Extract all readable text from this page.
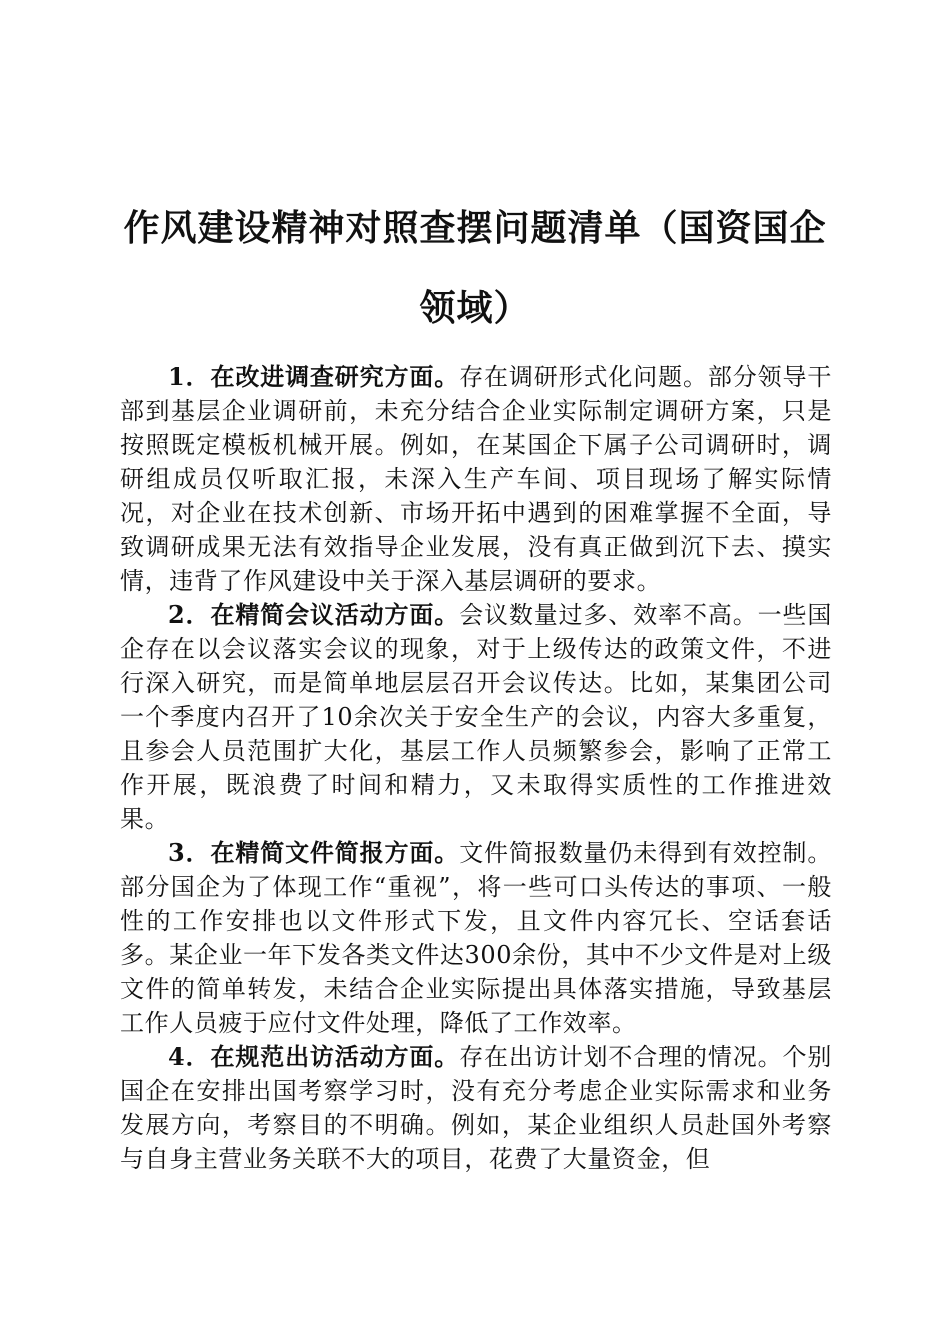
作风建设精神对照查摆问题清单（国资国企领域）

1．在改进调查研究方面。存在调研形式化问题。部分领导干部到基层企业调研前，未充分结合企业实际制定调研方案，只是按照既定模板机械开展。例如，在某国企下属子公司调研时，调研组成员仅听取汇报，未深入生产车间、项目现场了解实际情况，对企业在技术创新、市场开拓中遇到的困难掌握不全面，导致调研成果无法有效指导企业发展，没有真正做到沉下去、摸实情，违背了作风建设中关于深入基层调研的要求。

2．在精简会议活动方面。会议数量过多、效率不高。一些国企存在以会议落实会议的现象，对于上级传达的政策文件，不进行深入研究，而是简单地层层召开会议传达。比如，某集团公司一个季度内召开了10余次关于安全生产的会议，内容大多重复，且参会人员范围扩大化，基层工作人员频繁参会，影响了正常工作开展，既浪费了时间和精力，又未取得实质性的工作推进效果。

3．在精简文件简报方面。文件简报数量仍未得到有效控制。部分国企为了体现工作“重视”，将一些可口头传达的事项、一般性的工作安排也以文件形式下发，且文件内容冗长、空话套话多。某企业一年下发各类文件达300余份，其中不少文件是对上级文件的简单转发，未结合企业实际提出具体落实措施，导致基层工作人员疲于应付文件处理，降低了工作效率。

4．在规范出访活动方面。存在出访计划不合理的情况。个别国企在安排出国考察学习时，没有充分考虑企业实际需求和业务发展方向，考察目的不明确。例如，某企业组织人员赴国外考察与自身主营业务关联不大的项目，花费了大量资金，但
